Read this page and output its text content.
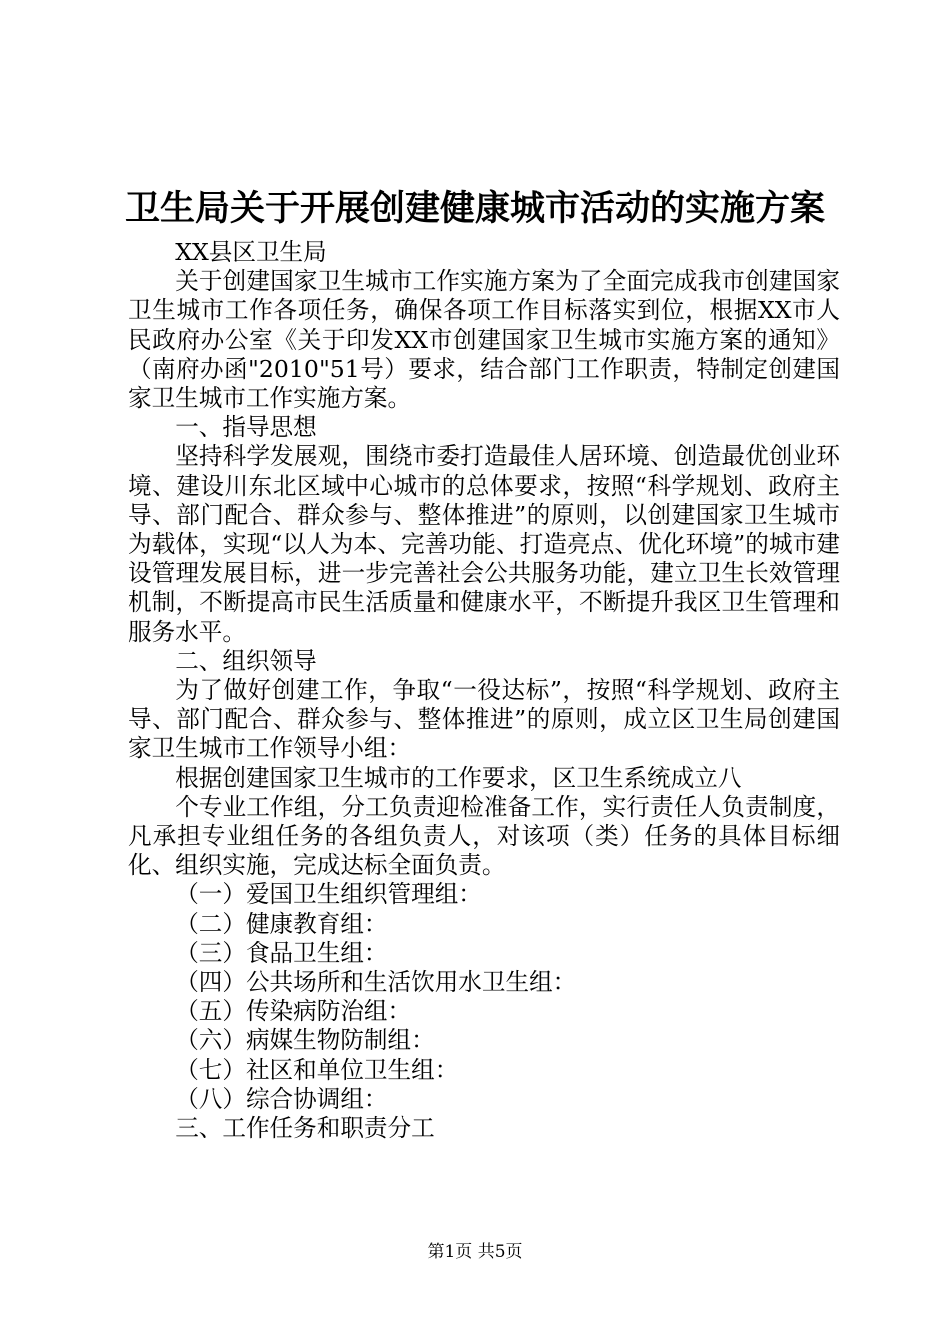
卫生局关于开展创建健康城市活动的实施方案

XX县区卫生局

关于创建国家卫生城市工作实施方案为了全面完成我市创建国家卫生城市工作各项任务，确保各项工作目标落实到位，根据XX市人民政府办公室《关于印发XX市创建国家卫生城市实施方案的通知》（南府办函"2010"51号）要求，结合部门工作职责，特制定创建国家卫生城市工作实施方案。

一、指导思想

坚持科学发展观，围绕市委打造最佳人居环境、创造最优创业环境、建设川东北区域中心城市的总体要求，按照“科学规划、政府主导、部门配合、群众参与、整体推进”的原则，以创建国家卫生城市为载体，实现“以人为本、完善功能、打造亮点、优化环境”的城市建设管理发展目标，进一步完善社会公共服务功能，建立卫生长效管理机制，不断提高市民生活质量和健康水平，不断提升我区卫生管理和服务水平。

二、组织领导

为了做好创建工作，争取“一役达标”，按照“科学规划、政府主导、部门配合、群众参与、整体推进”的原则，成立区卫生局创建国家卫生城市工作领导小组：

根据创建国家卫生城市的工作要求，区卫生系统成立八

个专业工作组，分工负责迎检准备工作，实行责任人负责制度，凡承担专业组任务的各组负责人，对该项（类）任务的具体目标细化、组织实施，完成达标全面负责。

（一）爱国卫生组织管理组：

（二）健康教育组：

（三）食品卫生组：

（四）公共场所和生活饮用水卫生组：

（五）传染病防治组：

（六）病媒生物防制组：

（七）社区和单位卫生组：

（八）综合协调组：

三、工作任务和职责分工

第1页 共5页
